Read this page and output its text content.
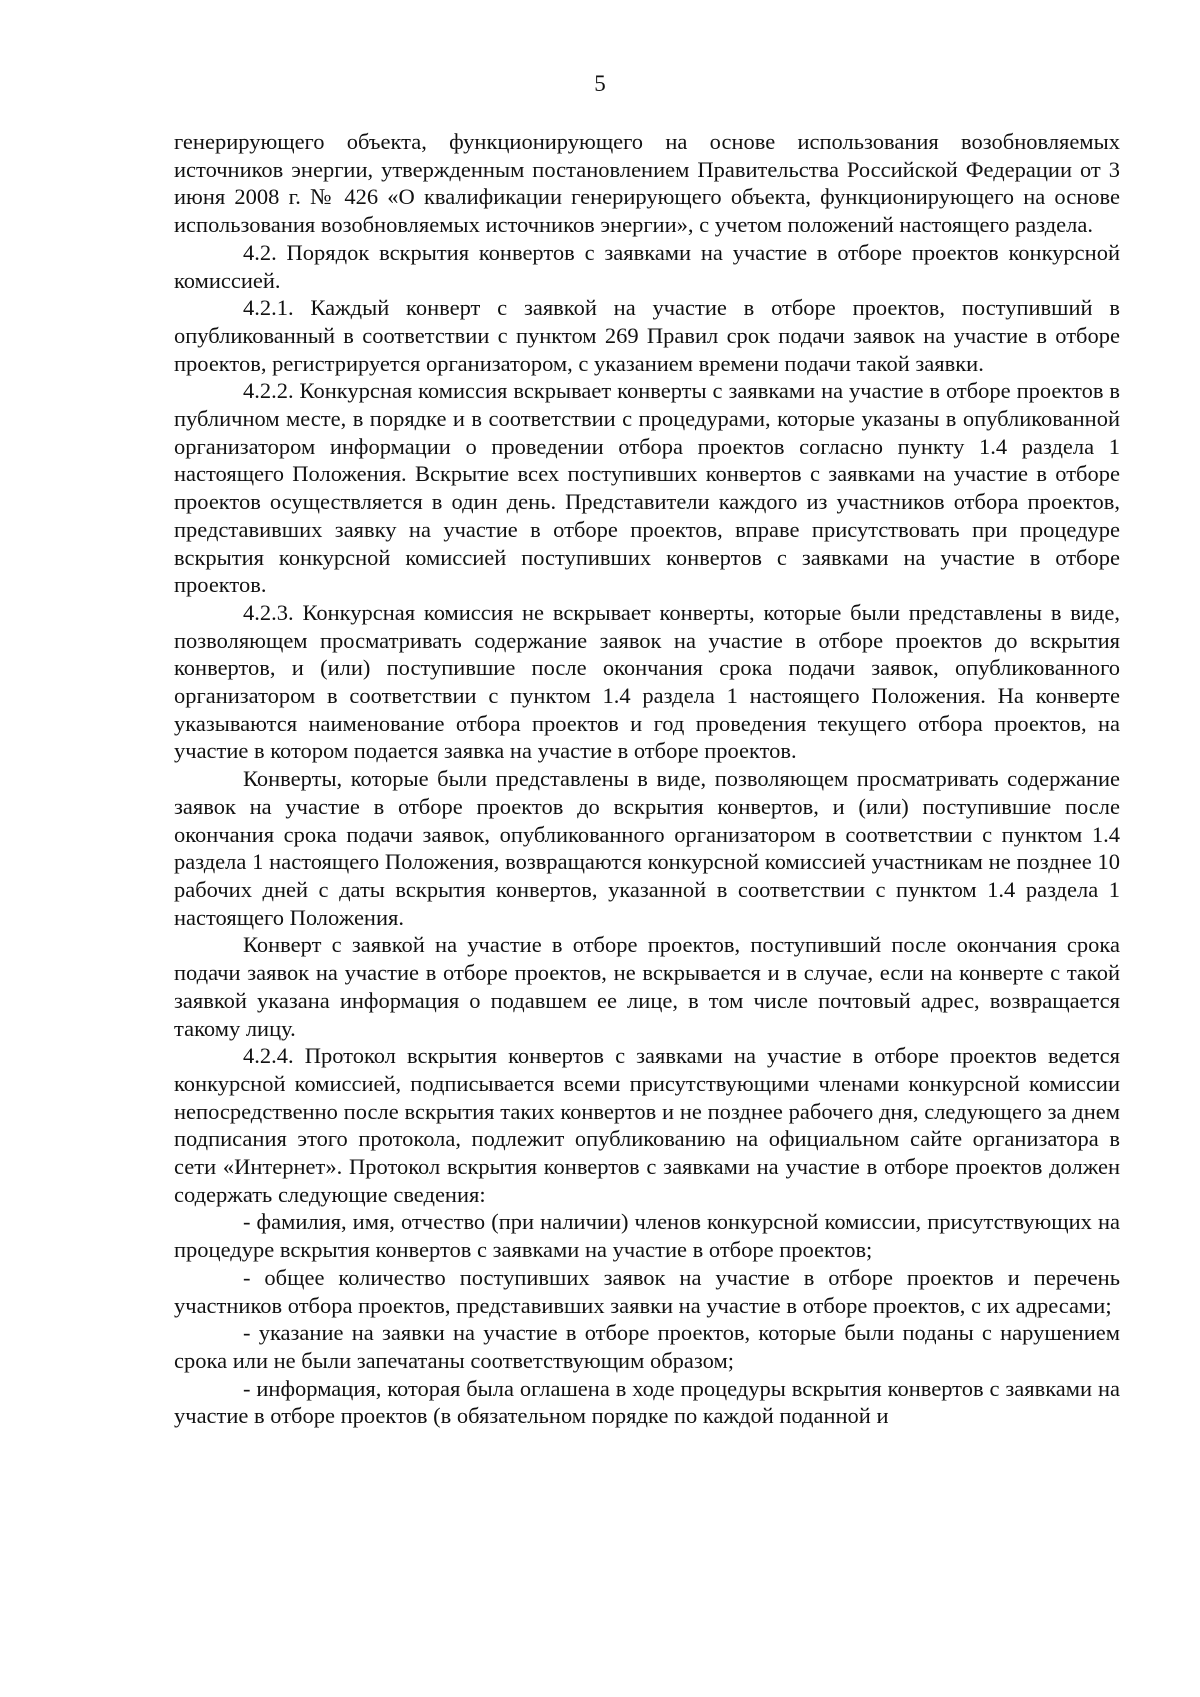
5

генерирующего объекта, функционирующего на основе использования возобновляемых источников энергии, утвержденным постановлением Правительства Российской Федерации от 3 июня 2008 г. № 426 «О квалификации генерирующего объекта, функционирующего на основе использования возобновляемых источников энергии», с учетом положений настоящего раздела.

4.2. Порядок вскрытия конвертов с заявками на участие в отборе проектов конкурсной комиссией.

4.2.1. Каждый конверт с заявкой на участие в отборе проектов, поступивший в опубликованный в соответствии с пунктом 269 Правил срок подачи заявок на участие в отборе проектов, регистрируется организатором, с указанием времени подачи такой заявки.

4.2.2. Конкурсная комиссия вскрывает конверты с заявками на участие в отборе проектов в публичном месте, в порядке и в соответствии с процедурами, которые указаны в опубликованной организатором информации о проведении отбора проектов согласно пункту 1.4 раздела 1 настоящего Положения. Вскрытие всех поступивших конвертов с заявками на участие в отборе проектов осуществляется в один день. Представители каждого из участников отбора проектов, представивших заявку на участие в отборе проектов, вправе присутствовать при процедуре вскрытия конкурсной комиссией поступивших конвертов с заявками на участие в отборе проектов.

4.2.3. Конкурсная комиссия не вскрывает конверты, которые были представлены в виде, позволяющем просматривать содержание заявок на участие в отборе проектов до вскрытия конвертов, и (или) поступившие после окончания срока подачи заявок, опубликованного организатором в соответствии с пунктом 1.4 раздела 1 настоящего Положения. На конверте указываются наименование отбора проектов и год проведения текущего отбора проектов, на участие в котором подается заявка на участие в отборе проектов.

Конверты, которые были представлены в виде, позволяющем просматривать содержание заявок на участие в отборе проектов до вскрытия конвертов, и (или) поступившие после окончания срока подачи заявок, опубликованного организатором в соответствии с пунктом 1.4 раздела 1 настоящего Положения, возвращаются конкурсной комиссией участникам не позднее 10 рабочих дней с даты вскрытия конвертов, указанной в соответствии с пунктом 1.4 раздела 1 настоящего Положения.

Конверт с заявкой на участие в отборе проектов, поступивший после окончания срока подачи заявок на участие в отборе проектов, не вскрывается и в случае, если на конверте с такой заявкой указана информация о подавшем ее лице, в том числе почтовый адрес, возвращается такому лицу.

4.2.4. Протокол вскрытия конвертов с заявками на участие в отборе проектов ведется конкурсной комиссией, подписывается всеми присутствующими членами конкурсной комиссии непосредственно после вскрытия таких конвертов и не позднее рабочего дня, следующего за днем подписания этого протокола, подлежит опубликованию на официальном сайте организатора в сети «Интернет». Протокол вскрытия конвертов с заявками на участие в отборе проектов должен содержать следующие сведения:

- фамилия, имя, отчество (при наличии) членов конкурсной комиссии, присутствующих на процедуре вскрытия конвертов с заявками на участие в отборе проектов;

- общее количество поступивших заявок на участие в отборе проектов и перечень участников отбора проектов, представивших заявки на участие в отборе проектов, с их адресами;

- указание на заявки на участие в отборе проектов, которые были поданы с нарушением срока или не были запечатаны соответствующим образом;

- информация, которая была оглашена в ходе процедуры вскрытия конвертов с заявками на участие в отборе проектов (в обязательном порядке по каждой поданной и
